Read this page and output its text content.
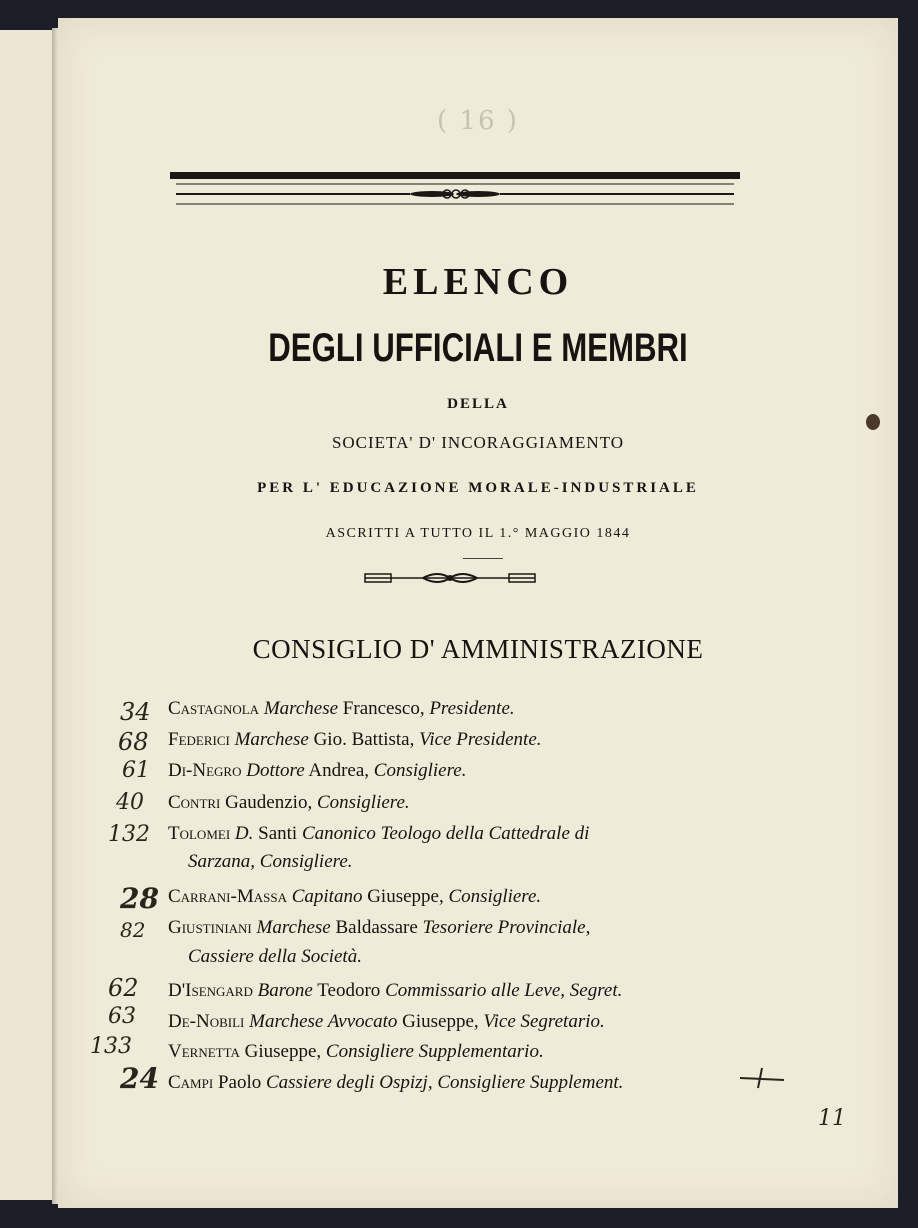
( 16 )
ELENCO
DEGLI UFFICIALI E MEMBRI
DELLA
SOCIETA' D' INCORAGGIAMENTO
PER L' EDUCAZIONE MORALE-INDUSTRIALE
ASCRITTI A TUTTO IL 1.° MAGGIO 1844
CONSIGLIO D' AMMINISTRAZIONE
Castagnola Marchese Francesco, Presidente.
Federici Marchese Gio. Battista, Vice Presidente.
Di-Negro Dottore Andrea, Consigliere.
Contri Gaudenzio, Consigliere.
Tolomei D. Santi Canonico Teologo della Cattedrale di
Sarzana, Consigliere.
Carrani-Massa Capitano Giuseppe, Consigliere.
Giustiniani Marchese Baldassare Tesoriere Provinciale,
Cassiere della Società.
D'Isengard Barone Teodoro Commissario alle Leve, Segret.
De-Nobili Marchese Avvocato Giuseppe, Vice Segretario.
Vernetta Giuseppe, Consigliere Supplementario.
Campi Paolo Cassiere degli Ospizj, Consigliere Supplement.
34
68
61
40
132
28
82
62
63
133
24
11
